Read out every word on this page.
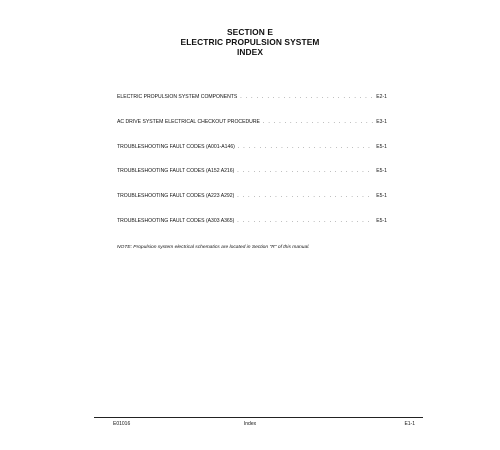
SECTION E
ELECTRIC PROPULSION SYSTEM
INDEX
ELECTRIC PROPULSION SYSTEM COMPONENTS . . .	E2-1
AC DRIVE SYSTEM ELECTRICAL CHECKOUT PROCEDURE . . .	E3-1
TROUBLESHOOTING FAULT CODES (A001-A146) . . .	E5-1
TROUBLESHOOTING FAULT CODES (A152 A216) . . .	E5-1
TROUBLESHOOTING FAULT CODES (A223 A292) . . .	E5-1
TROUBLESHOOTING FAULT CODES (A303 A365) . . .	E5-1
NOTE: Propulsion system electrical schematics are located in Section "R" of this manual.
E01016	Index	E1-1
